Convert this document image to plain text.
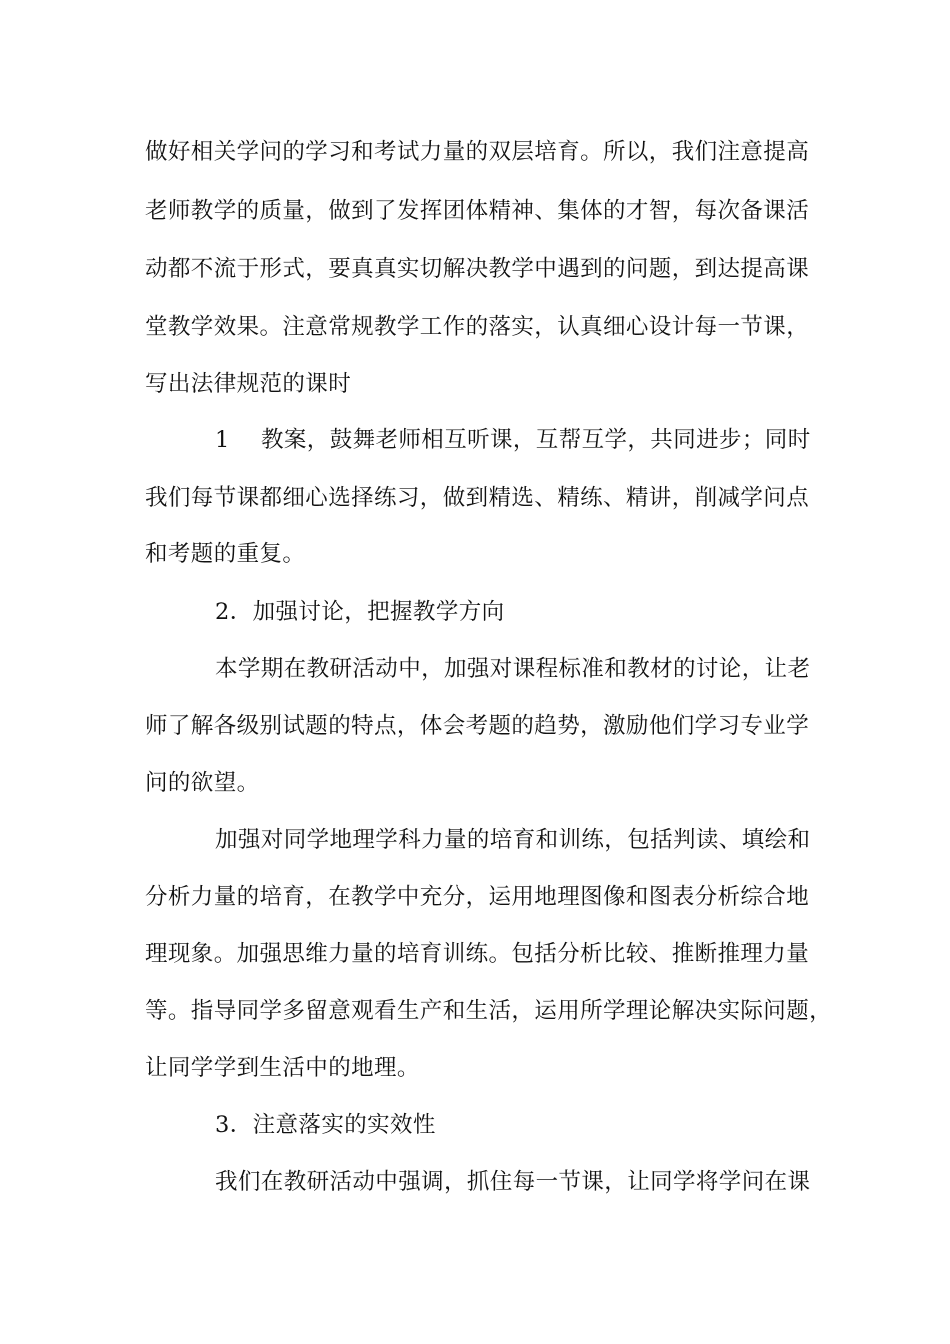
做好相关学问的学习和考试力量的双层培育。所以，我们注意提高
老师教学的质量，做到了发挥团体精神、集体的才智，每次备课活
动都不流于形式，要真真实切解决教学中遇到的问题，到达提高课
堂教学效果。注意常规教学工作的落实，认真细心设计每一节课，
写出法律规范的课时
1 教案，鼓舞老师相互听课，互帮互学，共同进步；同时
我们每节课都细心选择练习，做到精选、精练、精讲，削减学问点
和考题的重复。
2．加强讨论，把握教学方向
本学期在教研活动中，加强对课程标准和教材的讨论，让老
师了解各级别试题的特点，体会考题的趋势，激励他们学习专业学
问的欲望。
加强对同学地理学科力量的培育和训练，包括判读、填绘和
分析力量的培育，在教学中充分，运用地理图像和图表分析综合地
理现象。加强思维力量的培育训练。包括分析比较、推断推理力量
等。指导同学多留意观看生产和生活，运用所学理论解决实际问题，
让同学学到生活中的地理。
3．注意落实的实效性
我们在教研活动中强调，抓住每一节课，让同学将学问在课
